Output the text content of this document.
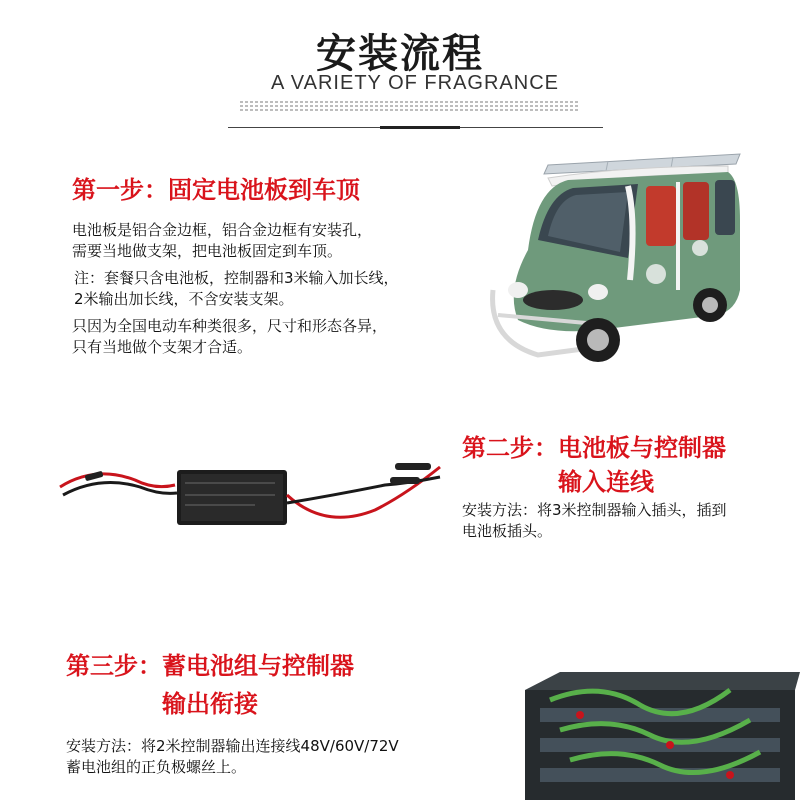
安装流程
A VARIETY OF FRAGRANCE
第一步：固定电池板到车顶
电池板是铝合金边框，铝合金边框有安装孔，
需要当地做支架，把电池板固定到车顶。
注：套餐只含电池板，控制器和3米输入加长线，
2米输出加长线，不含安装支架。
只因为全国电动车种类很多，尺寸和形态各异，
只有当地做个支架才合适。
第二步：电池板与控制器
输入连线
安装方法：将3米控制器输入插头，插到
电池板插头。
第三步：蓄电池组与控制器
输出衔接
安装方法：将2米控制器输出连接线48V/60V/72V
蓄电池组的正负极螺丝上。
